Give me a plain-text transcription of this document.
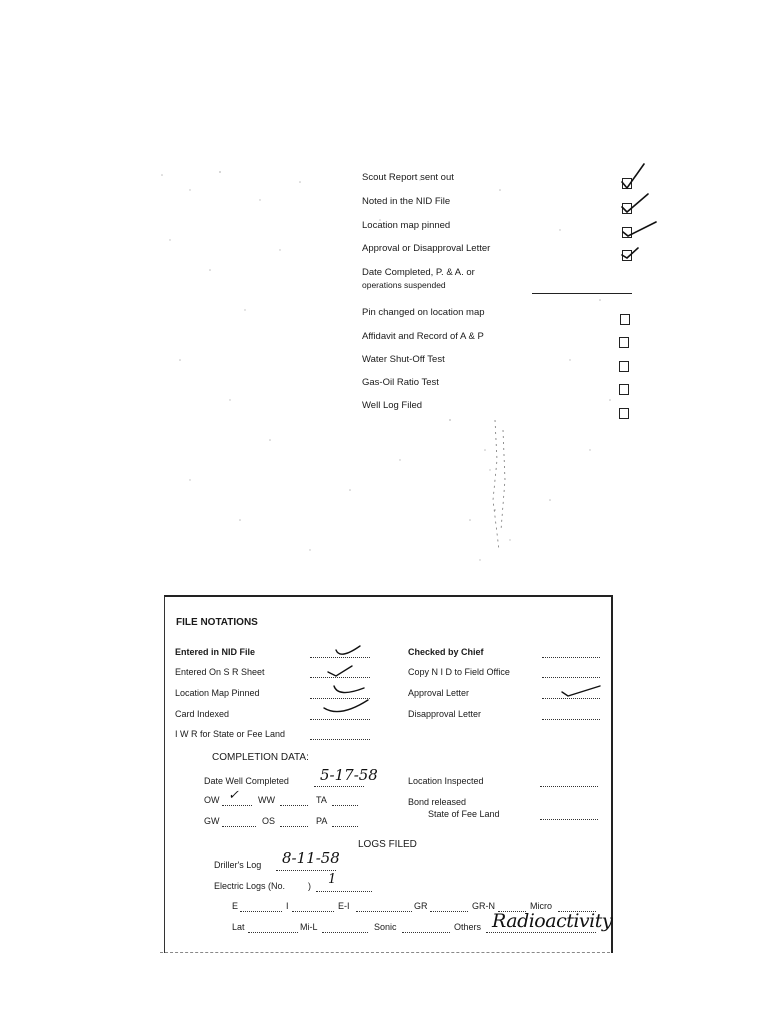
Scout Report sent out
Noted in the NID File
Location map pinned
Approval or Disapproval Letter
Date Completed, P. & A. or
operations suspended
Pin changed on location map
Affidavit and Record of A & P
Water Shut-Off Test
Gas-Oil Ratio Test
Well Log Filed
FILE NOTATIONS
Entered in NID File
Entered On S R Sheet
Location Map Pinned
Card Indexed
I W R for State or Fee Land
Checked by Chief
Copy N I D to Field Office
Approval Letter
Disapproval Letter
COMPLETION DATA:
Date Well Completed 5-17-58
OW ✓ WW	TA
GW	OS	PA
Location Inspected
Bond released
State of Fee Land
LOGS FILED
Driller's Log 8-11-58
Electric Logs (No.	) 1
E	I	E-I	GR	GR-N	Micro
Lat	Mi-L	Sonic	Others Radioactivity
